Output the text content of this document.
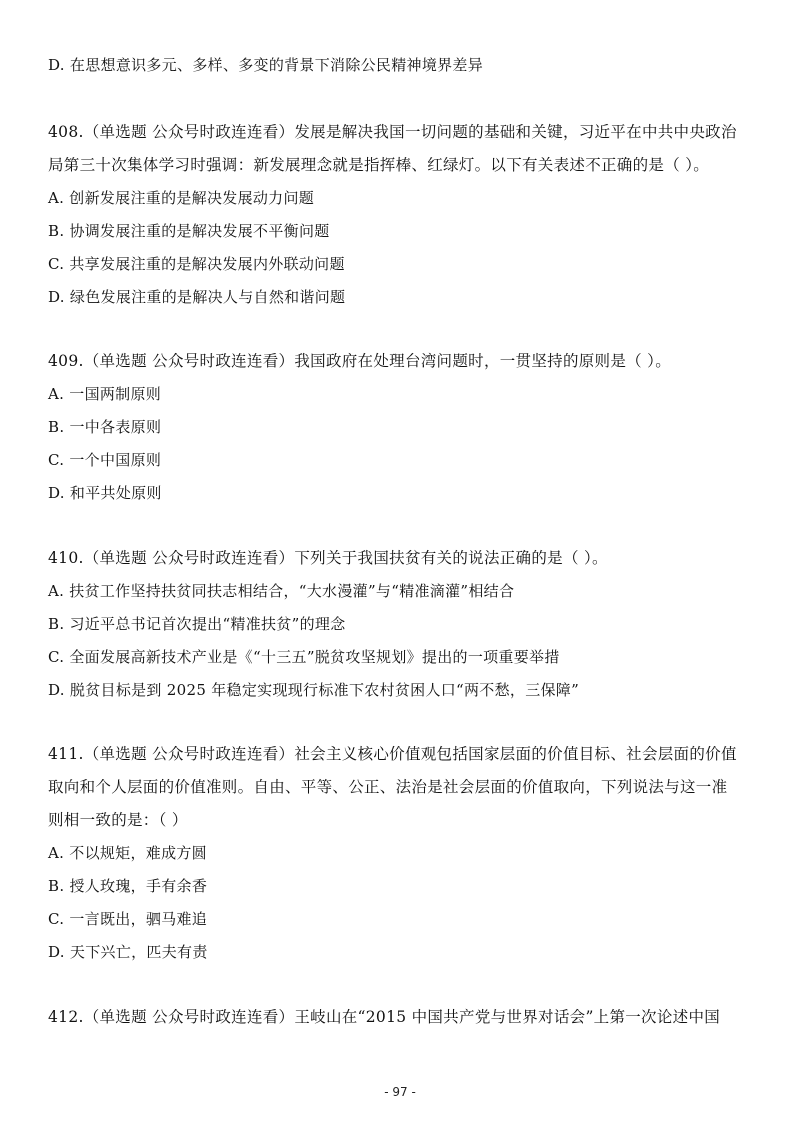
D. 在思想意识多元、多样、多变的背景下消除公民精神境界差异
408.（单选题 公众号时政连连看）发展是解决我国一切问题的基础和关键，习近平在中共中央政治
局第三十次集体学习时强调：新发展理念就是指挥棒、红绿灯。以下有关表述不正确的是（ ）。
A. 创新发展注重的是解决发展动力问题
B. 协调发展注重的是解决发展不平衡问题
C. 共享发展注重的是解决发展内外联动问题
D. 绿色发展注重的是解决人与自然和谐问题
409.（单选题 公众号时政连连看）我国政府在处理台湾问题时，一贯坚持的原则是（ ）。
A. 一国两制原则
B. 一中各表原则
C. 一个中国原则
D. 和平共处原则
410.（单选题 公众号时政连连看）下列关于我国扶贫有关的说法正确的是（ ）。
A. 扶贫工作坚持扶贫同扶志相结合，“大水漫灌”与“精准滴灌”相结合
B. 习近平总书记首次提出“精准扶贫”的理念
C. 全面发展高新技术产业是《“十三五”脱贫攻坚规划》提出的一项重要举措
D. 脱贫目标是到 2025 年稳定实现现行标准下农村贫困人口“两不愁，三保障”
411.（单选题 公众号时政连连看）社会主义核心价值观包括国家层面的价值目标、社会层面的价值
取向和个人层面的价值准则。自由、平等、公正、法治是社会层面的价值取向，下列说法与这一准
则相一致的是：（ ）
A. 不以规矩，难成方圆
B. 授人玫瑰，手有余香
C. 一言既出，驷马难追
D. 天下兴亡，匹夫有责
412.（单选题 公众号时政连连看）王岐山在“2015 中国共产党与世界对话会”上第一次论述中国
- 97 -
